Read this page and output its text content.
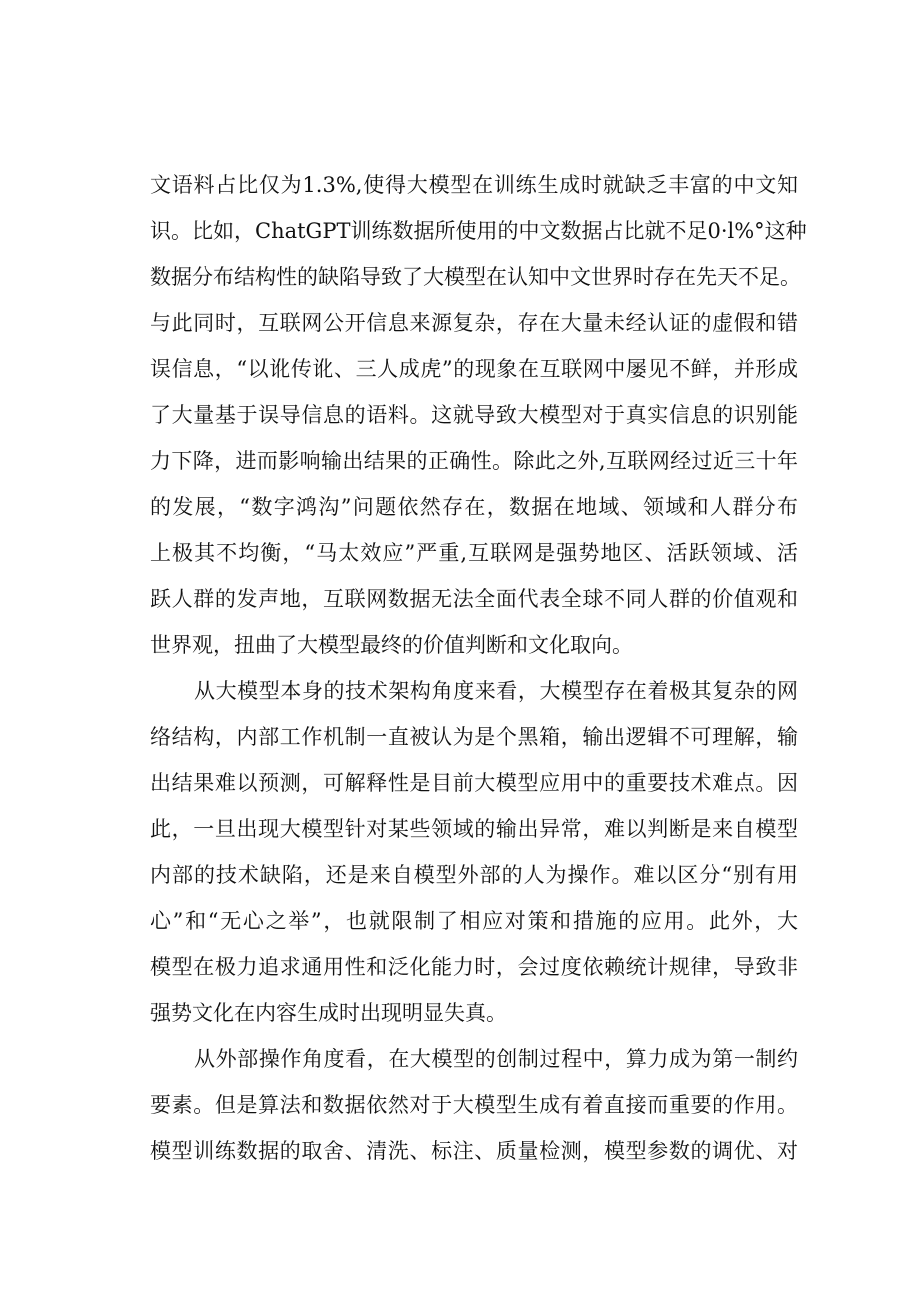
文语料占比仅为1.3%,使得大模型在训练生成时就缺乏丰富的中文知
识。比如，ChatGPT训练数据所使用的中文数据占比就不足0·l%°这种
数据分布结构性的缺陷导致了大模型在认知中文世界时存在先天不足。
与此同时，互联网公开信息来源复杂，存在大量未经认证的虚假和错
误信息，“以讹传讹、三人成虎”的现象在互联网中屡见不鲜，并形成
了大量基于误导信息的语料。这就导致大模型对于真实信息的识别能
力下降，进而影响输出结果的正确性。除此之外,互联网经过近三十年
的发展，“数字鸿沟”问题依然存在，数据在地域、领域和人群分布
上极其不均衡，“马太效应”严重,互联网是强势地区、活跃领域、活
跃人群的发声地，互联网数据无法全面代表全球不同人群的价值观和
世界观，扭曲了大模型最终的价值判断和文化取向。
从大模型本身的技术架构角度来看，大模型存在着极其复杂的网
络结构，内部工作机制一直被认为是个黑箱，输出逻辑不可理解，输
出结果难以预测，可解释性是目前大模型应用中的重要技术难点。因
此，一旦出现大模型针对某些领域的输出异常，难以判断是来自模型
内部的技术缺陷，还是来自模型外部的人为操作。难以区分“别有用
心”和“无心之举”，也就限制了相应对策和措施的应用。此外，大
模型在极力追求通用性和泛化能力时，会过度依赖统计规律，导致非
强势文化在内容生成时出现明显失真。
从外部操作角度看，在大模型的创制过程中，算力成为第一制约
要素。但是算法和数据依然对于大模型生成有着直接而重要的作用。
模型训练数据的取舍、清洗、标注、质量检测，模型参数的调优、对
